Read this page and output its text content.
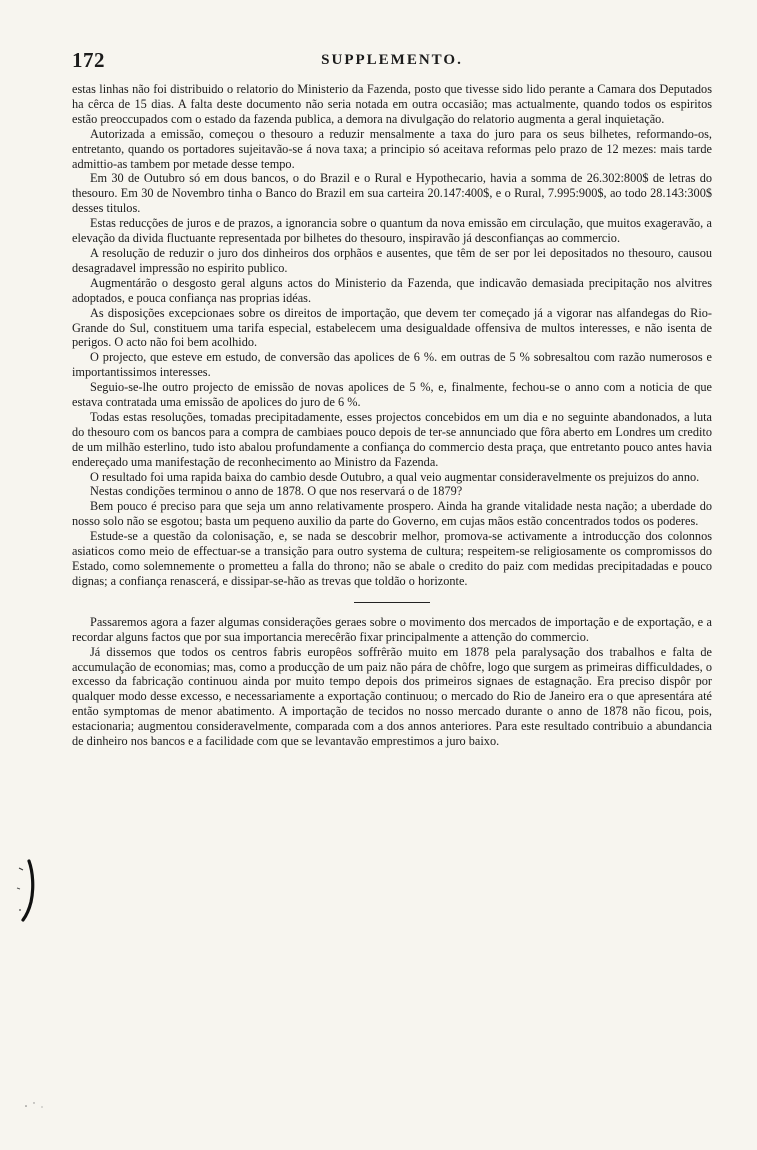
172	SUPPLEMENTO.

estas linhas não foi distribuido o relatorio do Ministerio da Fazenda, posto que tivesse sido lido perante a Camara dos Deputados ha cêrca de 15 dias. A falta deste documento não seria notada em outra occasião; mas actualmente, quando todos os espiritos estão preoccupados com o estado da fazenda publica, a demora na divulgação do relatorio augmenta a geral inquietação.

Autorizada a emissão, começou o thesouro a reduzir mensalmente a taxa do juro para os seus bilhetes, reformando-os, entretanto, quando os portadores sujeitavão-se á nova taxa; a principio só aceitava reformas pelo prazo de 12 mezes: mais tarde admittio-as tambem por metade desse tempo.

Em 30 de Outubro só em dous bancos, o do Brazil e o Rural e Hypothecario, havia a somma de 26.302:800$ de letras do thesouro. Em 30 de Novembro tinha o Banco do Brazil em sua carteira 20.147:400$, e o Rural, 7.995:900$, ao todo 28.143:300$ desses titulos.

Estas reducções de juros e de prazos, a ignorancia sobre o quantum da nova emissão em circulação, que muitos exageravão, a elevação da divida fluctuante representada por bilhetes do thesouro, inspiravão já desconfianças ao commercio.

A resolução de reduzir o juro dos dinheiros dos orphãos e ausentes, que têm de ser por lei depositados no thesouro, causou desagradavel impressão no espirito publico.

Augmentárão o desgosto geral alguns actos do Ministerio da Fazenda, que indicavão demasiada precipitação nos alvitres adoptados, e pouca confiança nas proprias idéas.

As disposições excepcionaes sobre os direitos de importação, que devem ter começado já a vigorar nas alfandegas do Rio-Grande do Sul, constituem uma tarifa especial, estabelecem uma desigualdade offensiva de multos interesses, e não isenta de perigos. O acto não foi bem acolhido.

O projecto, que esteve em estudo, de conversão das apolices de 6 %. em outras de 5 % sobresaltou com razão numerosos e importantissimos interesses.

Seguio-se-lhe outro projecto de emissão de novas apolices de 5 %, e, finalmente, fechou-se o anno com a noticia de que estava contratada uma emissão de apolices do juro de 6 %.

Todas estas resoluções, tomadas precipitadamente, esses projectos concebidos em um dia e no seguinte abandonados, a luta do thesouro com os bancos para a compra de cambiaes pouco depois de ter-se annunciado que fôra aberto em Londres um credito de um milhão esterlino, tudo isto abalou profundamente a confiança do commercio desta praça, que entretanto pouco antes havia endereçado uma manifestação de reconhecimento ao Ministro da Fazenda.

O resultado foi uma rapida baixa do cambio desde Outubro, a qual veio augmentar consideravelmente os prejuizos do anno.

Nestas condições terminou o anno de 1878. O que nos reservará o de 1879?

Bem pouco é preciso para que seja um anno relativamente prospero. Ainda ha grande vitalidade nesta nação; a uberdade do nosso solo não se esgotou; basta um pequeno auxilio da parte do Governo, em cujas mãos estão concentrados todos os poderes.

Estude-se a questão da colonisação, e, se nada se descobrir melhor, promova-se activamente a introducção dos colonnos asiaticos como meio de effectuar-se a transição para outro systema de cultura; respeitem-se religiosamente os compromissos do Estado, como solemnemente o prometteu a falla do throno; não se abale o credito do paiz com medidas precipitadadas e pouco dignas; a confiança renascerá, e dissipar-se-hão as trevas que toldão o horizonte.

Passaremos agora a fazer algumas considerações geraes sobre o movimento dos mercados de importação e de exportação, e a recordar alguns factos que por sua importancia merecêrão fixar principalmente a attenção do commercio.

Já dissemos que todos os centros fabris europêos soffrêrão muito em 1878 pela paralysação dos trabalhos e falta de accumulação de economias; mas, como a producção de um paiz não pára de chôfre, logo que surgem as primeiras difficuldades, o excesso da fabricação continuou ainda por muito tempo depois dos primeiros signaes de estagnação. Era preciso dispôr por qualquer modo desse excesso, e necessariamente a exportação continuou; o mercado do Rio de Janeiro era o que apresentára até então symptomas de menor abatimento. A importação de tecidos no nosso mercado durante o anno de 1878 não ficou, pois, estacionaria; augmentou consideravelmente, comparada com a dos annos anteriores. Para este resultado contribuio a abundancia de dinheiro nos bancos e a facilidade com que se levantavão emprestimos a juro baixo.
